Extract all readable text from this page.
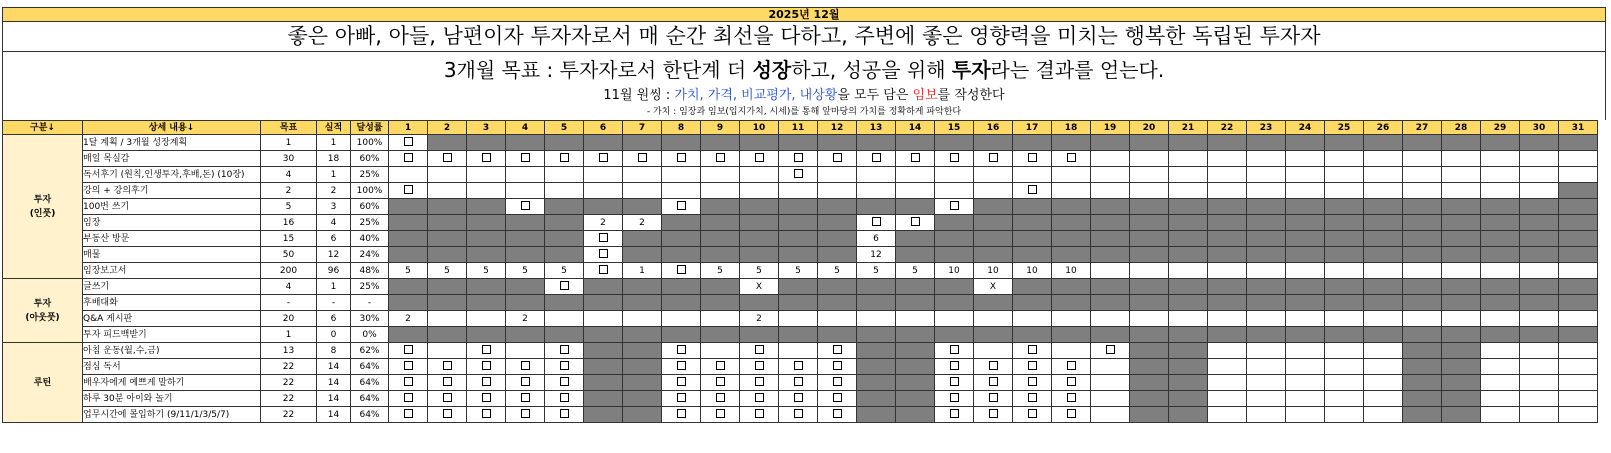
2025년 12월
좋은 아빠, 아들, 남편이자 투자자로서 매 순간 최선을 다하고, 주변에 좋은 영향력을 미치는 행복한 독립된 투자자
3개월 목표 : 투자자로서 한단계 더 성장하고, 성공을 위해 투자라는 결과를 얻는다.
11월 원씽 : 가치, 가격, 비교평가, 내상황을 모두 담은 임보를 작성한다
- 가치 : 임장과 임보(입지가치, 시세)를 통해 앞마당의 가치를 정확하게 파악한다
구분↓	상세 내용↓	목표	실적	달성률	1	2	3	4	5	6	7	8	9	10	11	12	13	14	15	16	17	18	19	20	21	22	23	24	25	26	27	28	29	30	31
투자
(인풋)	1달 계획 / 3개월 성장계획	1	1	100%																															
	매일 목실감	30	18	60%																															
	독서후기 (원칙,인생투자,후배,돈) (10장)	4	1	25%																															
	강의 + 강의후기	2	2	100%																															
	100번 쓰기	5	3	60%																															
	임장	16	4	25%						2	2																								
	부동산 방문	15	6	40%													6																		
	매물	50	12	24%													12																		
	임장보고서	200	96	48%	5	5	5	5	5		1		5	5	5	5	5	5	10	10	10	10													
투자
(아웃풋)	글쓰기	4	1	25%										X						X															
	후배대화	-	-	-																															
	Q&A 게시판	20	6	30%	2			2						2																					
	투자 피드백받기	1	0	0%																															
루틴	아침 운동(월,수,금)	13	8	62%																															
	점심 독서	22	14	64%																															
	배우자에게 예쁘게 말하기	22	14	64%																															
	하루 30분 아이와 놀기	22	14	64%																															
	업무시간에 몰입하기 (9/11/1/3/5/7)	22	14	64%																															
